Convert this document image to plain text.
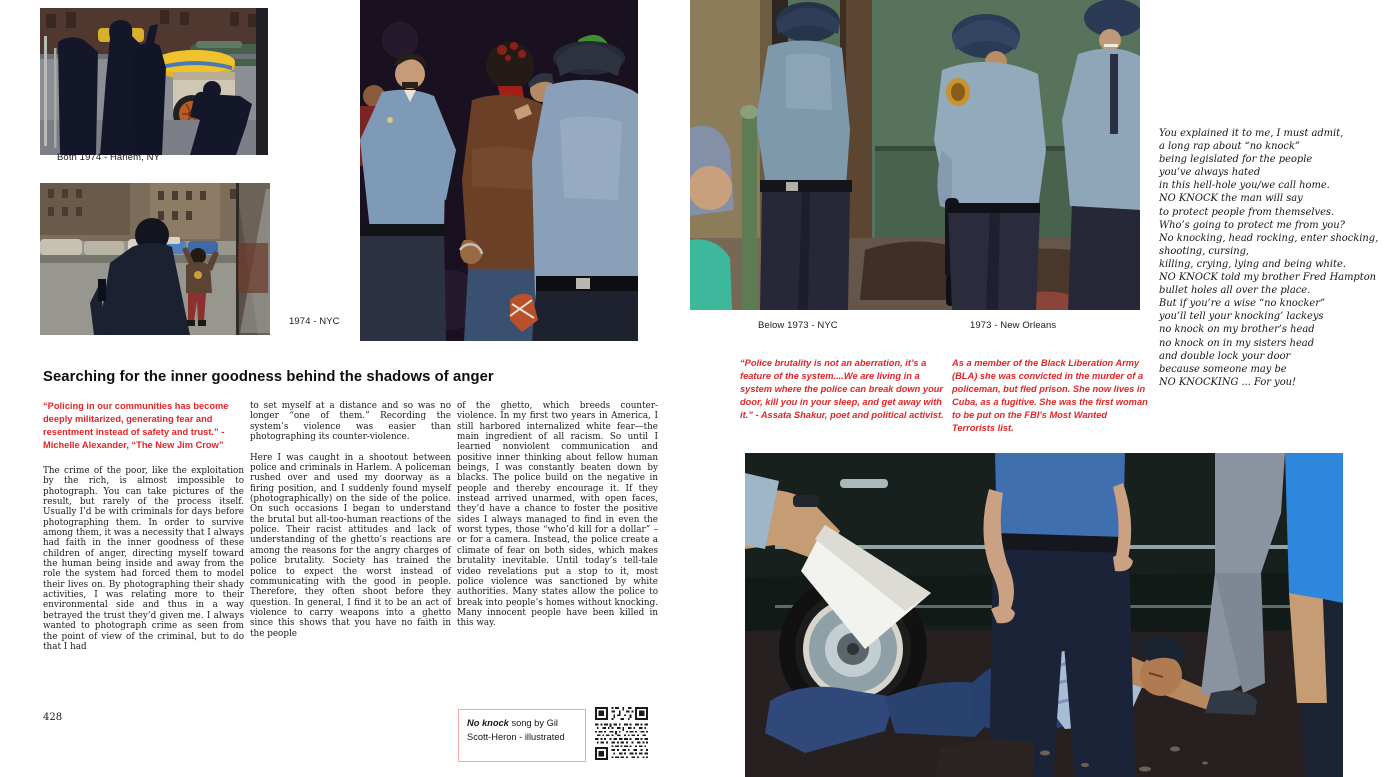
Both 1974 - Harlem, NY
1974 - NYC
Searching for the inner goodness behind the shadows of anger
“Policing in our communities has become deeply militarized, generating fear and resentment instead of safety and trust.” - Michelle Alexander, “The New Jim Crow”
The crime of the poor, like the exploitation by the rich, is almost impossible to photograph. You can take pictures of the result, but rarely of the process itself. Usually I’d be with criminals for days before photographing them. In order to survive among them, it was a necessity that I always had faith in the inner goodness of these children of anger, directing myself toward the human being inside and away from the role the system had forced them to model their lives on. By photographing their shady activities, I was relating more to their environmental side and thus in a way betrayed the trust they’d given me. I always wanted to photograph crime as seen from the point of view of the criminal, but to do that I had
to set myself at a distance and so was no longer “one of them.” Recording the system’s violence was easier than photographing its counter-violence.

Here I was caught in a shootout between police and criminals in Harlem. A policeman rushed over and used my doorway as a firing position, and I suddenly found myself (photographically) on the side of the police. On such occasions I began to understand the brutal but all-too-human reactions of the police. Their racist attitudes and lack of understanding of the ghetto’s reactions are among the reasons for the angry charges of police brutality. Society has trained the police to expect the worst instead of communicating with the good in people. Therefore, they often shoot before they question. In general, I find it to be an act of violence to carry weapons into a ghetto since this shows that you have no faith in the people
of the ghetto, which breeds counter-violence. In my first two years in America, I still harbored internalized white fear—the main ingredient of all racism. So until I learned nonviolent communication and positive inner thinking about fellow human beings, I was constantly beaten down by blacks. The police build on the negative in people and thereby encourage it. If they instead arrived unarmed, with open faces, they’d have a chance to foster the positive sides I always managed to find in even the worst types, those “who’d kill for a dollar” – or for a camera. Instead, the police create a climate of fear on both sides, which makes brutality inevitable. Until today’s tell-tale video revelations put a stop to it, most police violence was sanctioned by white authorities. Many states allow the police to break into people’s homes without knocking. Many innocent people have been killed in this way.
428	No knock song by Gil Scott-Heron - illustrated
Below 1973 - NYC	1973 - New Orleans
“Police brutality is not an aberration, it’s a feature of the system....We are living in a system where the police can break down your door, kill you in your sleep, and get away with it.” - Assata Shakur, poet and political activist.
As a member of the Black Liberation Army (BLA) she was convicted in the murder of a policeman, but fled prison. She now lives in Cuba, as a fugitive. She was the first woman to be put on the FBI’s Most Wanted Terrorists list.
You explained it to me, I must admit,
a long rap about “no knock”
being legislated for the people
you’ve always hated
in this hell-hole you/we call home.
NO KNOCK the man will say
to protect people from themselves.
Who’s going to protect me from you?
No knocking, head rocking, enter shocking,
shooting, cursing,
killing, crying, lying and being white.
NO KNOCK told my brother Fred Hampton
bullet holes all over the place.
But if you’re a wise “no knocker”
you’ll tell your knocking’ lackeys
no knock on my brother’s head
no knock on in my sisters head
and double lock your door
because someone may be
NO KNOCKING ... For you!
